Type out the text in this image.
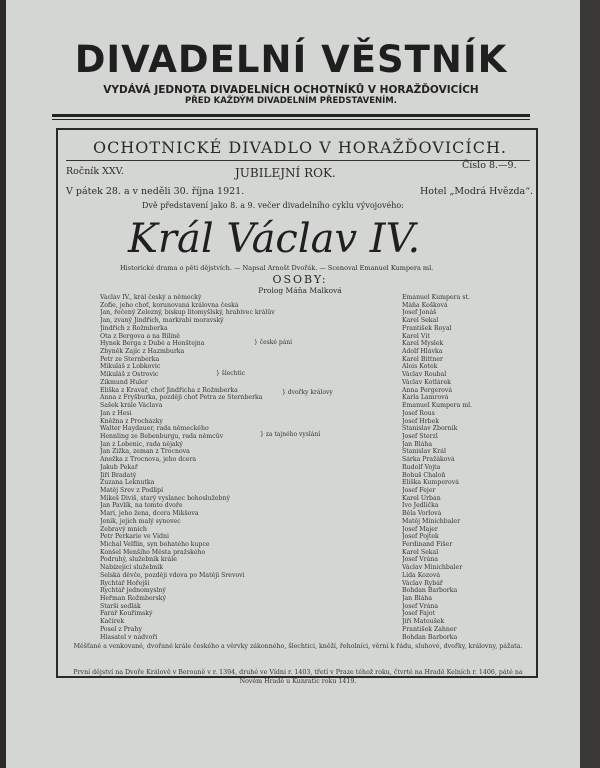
DIVADELNÍ VĚSTNÍK
VYDÁVÁ JEDNOTA DIVADELNÍCH OCHOTNÍKŮ V HORAŽĎOVICÍCH
PŘED KAŽDÝM DIVADELNÍM PŘEDSTAVENÍM.
OCHOTNICKÉ DIVADLO V HORAŽĎOVICÍCH.
Ročník XXV.	JUBILEJNÍ ROK.
Číslo 8.—9.
V pátek 28. a v neděli 30. října 1921.	Hotel „Modrá Hvězda“.
Dvě představení jako 8. a 9. večer divadelního cyklu vývojového:
Král Václav IV.
Historické drama o pěti dějstvích. — Napsal Arnošt Dvořák. — Scenoval Emanuel Kumpera ml.
OSOBY:
Prolog Máňa Malková
Václav IV., král český a německý
Žofie, jeho choť, korunovaná královna česká
Jan, řečený Železný, biskup litomyšlský, hrabivec králův
Jan, zvaný Jindřich, markrabí moravský
Jindřich z Rožmberka
Ota z Bergova a na Bílině
Hynek Berga z Dubé a Honštejna
Zbyněk Zajíc z Hazmburka
Petr ze Šternberka
Mikuláš z Lobkovic
Mikuláš z Ostrovic
Zikmund Huler
Eliška z Kravař, choť Jindřicha z Rožmberka
Anna z Fryšburka, později choť Petra ze Šternberka
Sašek krále Václava
Jan z Hesi
Kněžna z Procházky
Walter Haydauer, rada německého
Hennling ze Bebenburgu, rada němcův
Jan z Lobenic, rada nějaký
Jan Žižka, zeman z Trocnova
Anežka z Trocnova, jeho dcera
Jakub Pekař
Jiří Bradatý
Zuzana Leknutka
Matěj Šrev z Podlipí
Mikeš Diviš, starý vyslanec bohoslužebný
Jan Pavlík, na tomto dvoře
Marí, jeho žena, dcera Mikšova
Jenik, jejich malý synovec
Žebravý mnich
Petr Perkarie ve Vídni
Michal Velflin, syn bohatého kupce
Konšel Menšího Města pražského
Podruhý, služebník krále
Nabízející služebník
Selská děvče, později vdova po Matěji Šrevovi
Rychtář Hořejší
Rychtář jednomyslný
Heřman Rožmberský
Starší sedlák
Farář Kouřimský
Kačírek
Posel z Prahy
Hlasatel v nádvoří
Emanuel Kumpera st.
Máňa Košková
Josef Jonáš
Karel Sekal
František Royal
Karel Vít
Karel Myslek
Adolf Hlávka
Karel Bittner
Alois Kotek
Václav Roubal
Václav Kotlárek
Anna Pergerová
Karla Lamrová
Emanuel Kumpera ml.
Josef Rous
Josef Hrbek
Stanislav Zborník
Josef Šterzl
Jan Bláha
Stanislav Král
Šárka Pražáková
Rudolf Vojta
Bohuš Chaloň
Eliška Kumperová
Josef Fejer
Karel Urban
Ivo Jedlička
Běla Vorlová
Matěj Minichbaler
Josef Majer
Josef Pojtek
Ferdinand Fišer
Karel Sekal
Josef Vrána
Václav Minichbaler
Lída Kozová
Václav Rybář
Bohdan Barborka
Jan Bláha
Josef Vrána
Josef Fajot
Jiří Matoušek
František Zahner
Bohdan Barborka
} české páni
} šlechtic
} dvořky královy
} za tajného vyslání
Měšťané a venkované, dvořané krále českého a věrvky zákonného, šlechtici, kněží, řeholníci, věrní k řádu, sluhové, dvořky, královny, pážata.
První dějství na Dvoře Králově v Berouně v r. 1394, druhé ve Vídni r. 1403, třetí v Praze téhož roku, čtvrté na Hradě Kelních r. 1406, páté na Novém Hradě u Kunratic roku 1419.
